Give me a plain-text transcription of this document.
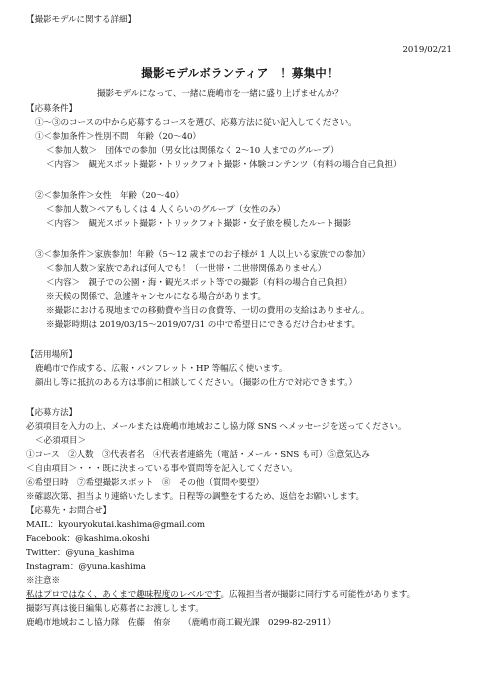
【撮影モデルに関する詳細】
2019/02/21
撮影モデルボランティア　！募集中！
撮影モデルになって、一緒に鹿嶋市を一緒に盛り上げませんか？
【応募条件】
①～③のコースの中から応募するコースを選び、応募方法に従い記入してください。
①＜参加条件＞性別不問　年齢（20～40）
＜参加人数＞　団体での参加（男女比は関係なく 2～10 人までのグループ）
＜内容＞　観光スポット撮影・トリックフォト撮影・体験コンテンツ（有料の場合自己負担）
②＜参加条件＞女性　年齢（20～40）
＜参加人数＞ペアもしくは 4 人くらいのグループ（女性のみ）
＜内容＞　観光スポット撮影・トリックフォト撮影・女子旅を模したルート撮影
③＜参加条件＞家族参加！年齢（5～12 歳までのお子様が 1 人以上いる家族での参加）
＜参加人数＞家族であれば何人でも！（一世帯・二世帯関係ありません）
＜内容＞　親子での公園・海・観光スポット等での撮影（有料の場合自己負担）
※天候の関係で、急遽キャンセルになる場合があります。
※撮影における現地までの移動費や当日の食費等、一切の費用の支給はありません。
※撮影時期は 2019/03/15～2019/07/31 の中で希望日にできるだけ合わせます。
【活用場所】
鹿嶋市で作成する、広報・パンフレット・HP 等幅広く使います。
顔出し等に抵抗のある方は事前に相談してください。（撮影の仕方で対応できます。）
【応募方法】
必須項目を入力の上、メールまたは鹿嶋市地域おこし協力隊 SNS へメッセージを送ってください。
＜必須項目＞
①コース　②人数　③代表者名　④代表者連絡先（電話・メール・SNS も可）⑤意気込み
＜自由項目＞・・・既に決まっている事や質問等を記入してください。
⑥希望日時　⑦希望撮影スポット　⑧　その他（質問や要望）
※確認次第、担当より連絡いたします。日程等の調整をするため、返信をお願いします。
【応募先・お問合せ】
MAIL：kyouryokutai.kashima@gmail.com
Facebook：@kashima.okoshi
Twitter：@yuna_kashima
Instagram：@yuna.kashima
※注意※
私はプロではなく、あくまで趣味程度のレベルです。広報担当者が撮影に同行する可能性があります。
撮影写真は後日編集し応募者にお渡しします。
鹿嶋市地域おこし協力隊　佐藤　侑奈　　（鹿嶋市商工観光課　0299-82-2911）
